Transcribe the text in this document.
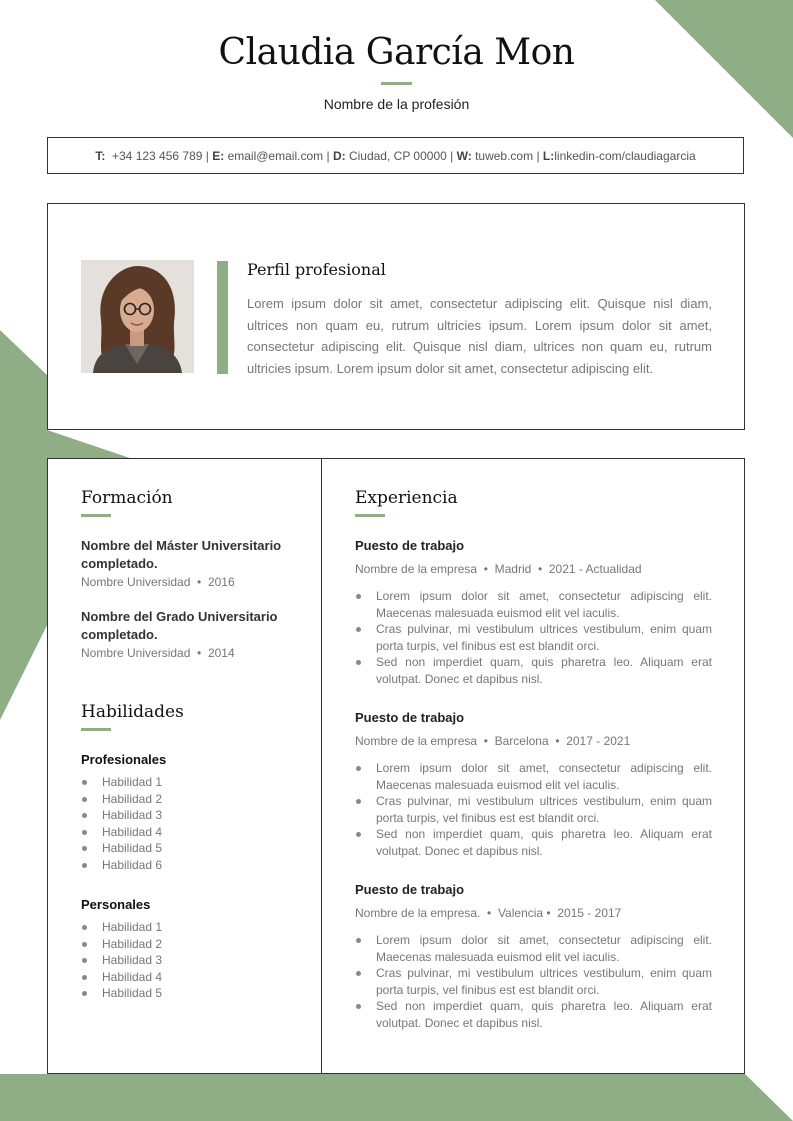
Claudia García Mon
Nombre de la profesión
T: +34 123 456 789 | E: email@email.com | D: Ciudad, CP 00000 | W: tuweb.com | L:linkedin-com/claudiagarcia
Perfil profesional
Lorem ipsum dolor sit amet, consectetur adipiscing elit. Quisque nisl diam, ultrices non quam eu, rutrum ultricies ipsum. Lorem ipsum dolor sit amet, consectetur adipiscing elit. Quisque nisl diam, ultrices non quam eu, rutrum ultricies ipsum. Lorem ipsum dolor sit amet, consectetur adipiscing elit.
Formación
Nombre del Máster Universitario completado.
Nombre Universidad  •  2016
Nombre del Grado Universitario completado.
Nombre Universidad  •  2014
Habilidades
Profesionales
Habilidad 1
Habilidad 2
Habilidad 3
Habilidad 4
Habilidad 5
Habilidad 6
Personales
Habilidad 1
Habilidad 2
Habilidad 3
Habilidad 4
Habilidad 5
Experiencia
Puesto de trabajo
Nombre de la empresa  •  Madrid  •  2021 - Actualidad
Lorem ipsum dolor sit amet, consectetur adipiscing elit. Maecenas malesuada euismod elit vel iaculis.
Cras pulvinar, mi vestibulum ultrices vestibulum, enim quam porta turpis, vel finibus est est blandit orci.
Sed non imperdiet quam, quis pharetra leo. Aliquam erat volutpat. Donec et dapibus nisl.
Puesto de trabajo
Nombre de la empresa  •  Barcelona  •  2017 - 2021
Lorem ipsum dolor sit amet, consectetur adipiscing elit. Maecenas malesuada euismod elit vel iaculis.
Cras pulvinar, mi vestibulum ultrices vestibulum, enim quam porta turpis, vel finibus est est blandit orci.
Sed non imperdiet quam, quis pharetra leo. Aliquam erat volutpat. Donec et dapibus nisl.
Puesto de trabajo
Nombre de la empresa.  •  Valencia •  2015 - 2017
Lorem ipsum dolor sit amet, consectetur adipiscing elit. Maecenas malesuada euismod elit vel iaculis.
Cras pulvinar, mi vestibulum ultrices vestibulum, enim quam porta turpis, vel finibus est est blandit orci.
Sed non imperdiet quam, quis pharetra leo. Aliquam erat volutpat. Donec et dapibus nisl.
